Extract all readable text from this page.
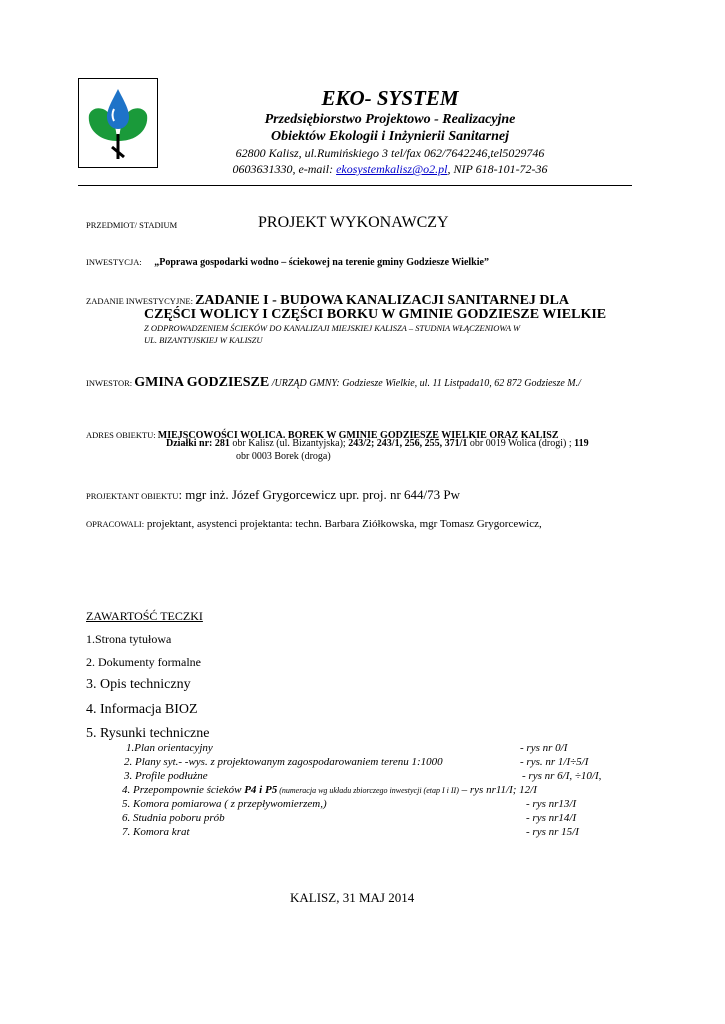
EKO- SYSTEM
Przedsiębiorstwo Projektowo - Realizacyjne
Obiektów Ekologii i Inżynierii Sanitarnej
62800 Kalisz, ul.Rumińskiego 3 tel/fax 062/7642246,tel5029746
0603631330, e-mail: ekosystemkalisz@o2.pl, NIP 618-101-72-36
PRZEDMIOT/ STADIUM	PROJEKT WYKONAWCZY
INWESTYCJA: „Poprawa gospodarki wodno – ściekowej na terenie gminy Godziesze Wielkie”
ZADANIE INWESTYCYJNE: ZADANIE I - BUDOWA KANALIZACJI SANITARNEJ DLA
CZĘŚCI WOLICY I CZĘŚCI BORKU W GMINIE GODZIESZE WIELKIE
Z ODPROWADZENIEM ŚCIEKÓW DO KANALIZAJI MIEJSKIEJ KALISZA – STUDNIA WŁĄCZENIOWA W
UL. BIZANTYJSKIEJ W KALISZU
INWESTOR: GMINA GODZIESZE /URZĄD GMNY: Godziesze Wielkie, ul. 11 Listpada10, 62 872 Godziesze M./
ADRES OBIEKTU: MIEJSCOWOŚCI WOLICA. BOREK W GMINIE GODZIESZE WIELKIE ORAZ KALISZ
Działki nr: 281 obr Kalisz (ul. Bizantyjska); 243/2; 243/1, 256, 255, 371/1 obr 0019 Wolica (drogi) ; 119
obr 0003 Borek (droga)
PROJEKTANT OBIEKTU: mgr inż. Józef Grygorcewicz upr. proj. nr 644/73 Pw
OPRACOWALI: projektant, asystenci projektanta: techn. Barbara Ziółkowska, mgr Tomasz Grygorcewicz,
ZAWARTOŚĆ TECZKI
1.Strona tytułowa
2. Dokumenty formalne
3. Opis techniczny
4. Informacja BIOZ
5. Rysunki techniczne
1.Plan orientacyjny	- rys nr 0/I
2. Plany syt.- -wys. z projektowanym zagospodarowaniem terenu 1:1000	- rys. nr 1/I÷5/I
3. Profile podłużne	- rys nr 6/I, ÷10/I,
4. Przepompownie ścieków P4 i P5 (numeracja wg układu zbiorczego inwestycji (etap I i II) – rys nr11/I; 12/I
5. Komora pomiarowa ( z przepływomierzem,)	- rys nr13/I
6. Studnia poboru prób	- rys nr14/I
7. Komora krat	- rys nr 15/I
KALISZ, 31 MAJ 2014
